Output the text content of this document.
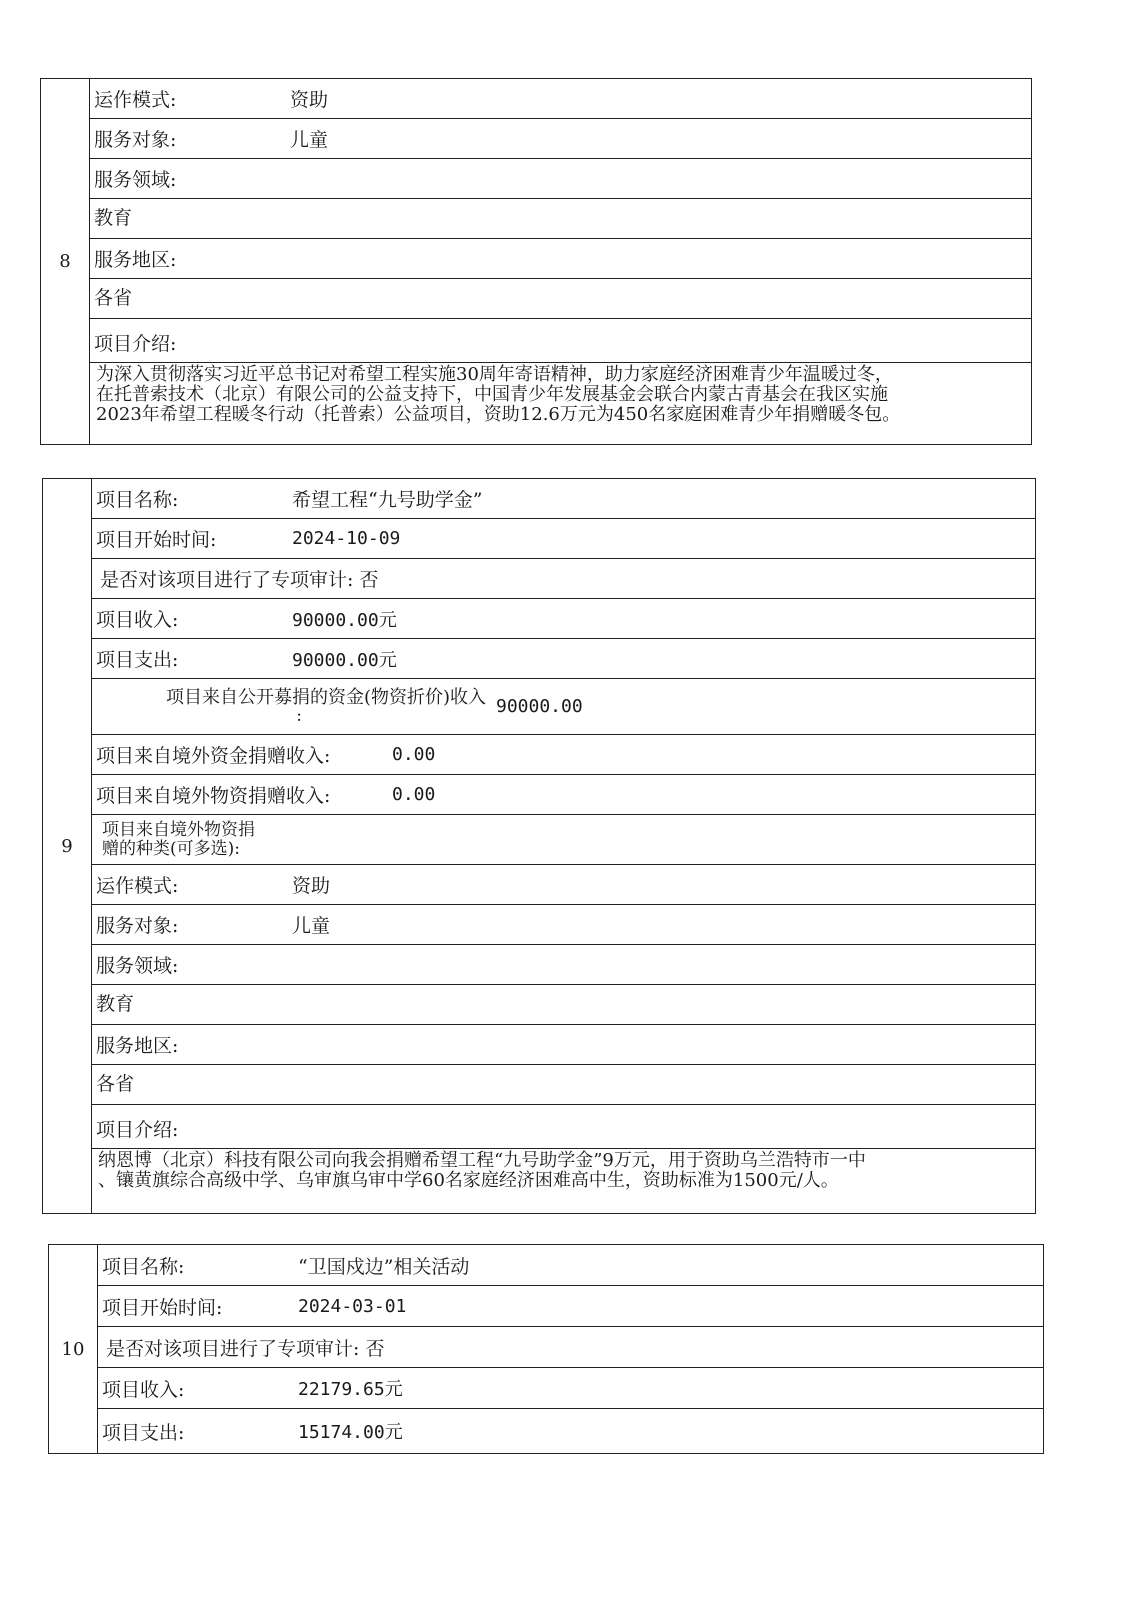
8
运作模式:	资助
服务对象:	儿童
服务领域:
教育
服务地区:
各省
项目介绍:
为深入贯彻落实习近平总书记对希望工程实施30周年寄语精神，助力家庭经济困难青少年温暖过冬，
在托普索技术（北京）有限公司的公益支持下，中国青少年发展基金会联合内蒙古青基会在我区实施
2023年希望工程暖冬行动（托普索）公益项目，资助12.6万元为450名家庭困难青少年捐赠暖冬包。
9
项目名称:	希望工程“九号助学金”
项目开始时间:	2024-10-09
是否对该项目进行了专项审计: 否
项目收入:	90000.00元
项目支出:	90000.00元
项目来自公开募捐的资金(物资折价)收入
:	90000.00
项目来自境外资金捐赠收入:	0.00
项目来自境外物资捐赠收入:	0.00
项目来自境外物资捐
赠的种类(可多选):
运作模式:	资助
服务对象:	儿童
服务领域:
教育
服务地区:
各省
项目介绍:
纳恩博（北京）科技有限公司向我会捐赠希望工程“九号助学金”9万元，用于资助乌兰浩特市一中
、镶黄旗综合高级中学、乌审旗乌审中学60名家庭经济困难高中生，资助标准为1500元/人。
10
项目名称:	“卫国戍边”相关活动
项目开始时间:	2024-03-01
是否对该项目进行了专项审计: 否
项目收入:	22179.65元
项目支出:	15174.00元
